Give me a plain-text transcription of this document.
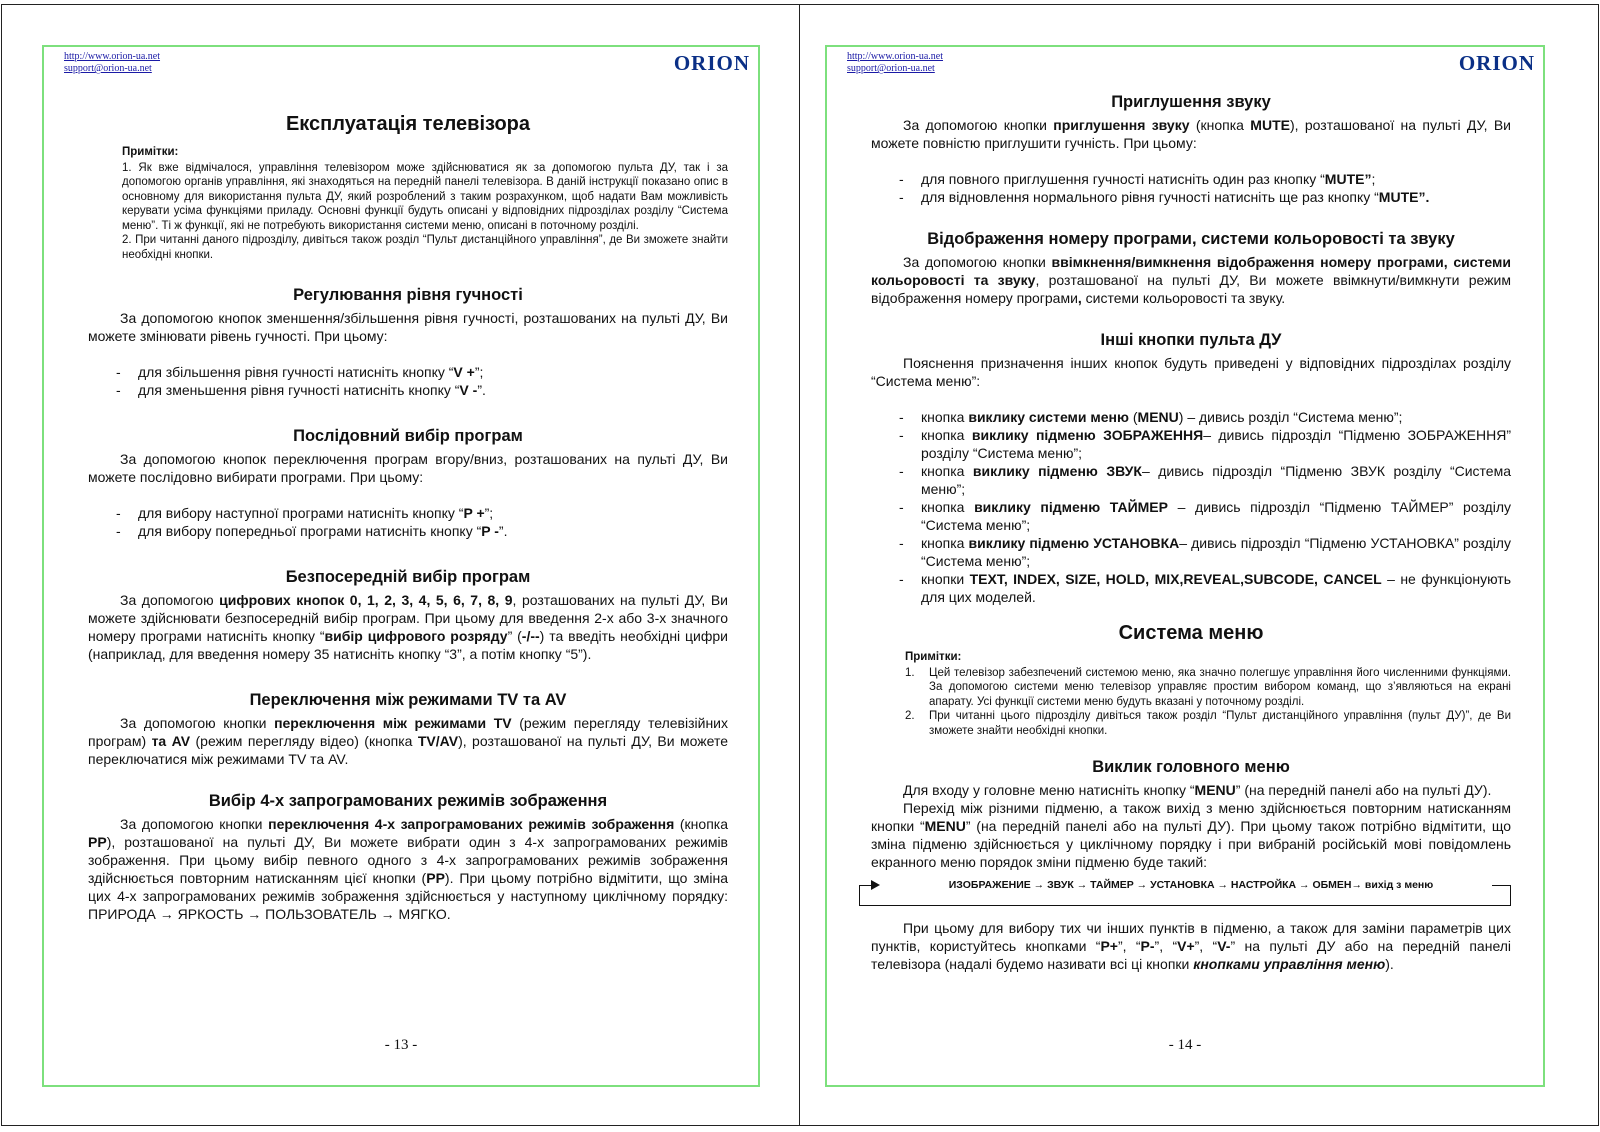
http://www.orion-ua.net
support@orion-ua.net	ORION
Експлуатація телевізора
Примітки:

1. Як вже відмічалося, управління телевізором може здійснюватися як за допомогою пульта ДУ, так і за допомогою органів управління, які знаходяться на передній панелі телевізора. В даній інструкції показано опис в основному для використання пульта ДУ, який розроблений з таким розрахунком, щоб надати Вам можливість керувати усіма функціями приладу. Основні функції будуть описані у відповідних підрозділах розділу “Система меню”. Ті ж функції, які не потребують використання системи меню, описані в поточному розділі.

2. При читанні даного підрозділу, дивіться також розділ “Пульт дистанційного управління”, де Ви зможете знайти необхідні кнопки.

Регулювання рівня гучності

За допомогою кнопок зменшення/збільшення рівня гучності, розташованих на пульті ДУ, Ви можете змінювати рівень гучності. При цьому:

- для збільшення рівня гучності натисніть кнопку “V +”;
- для зменьшення рівня гучності натисніть кнопку “V -”.
Послідовний вибір програм

За допомогою кнопок переключення програм вгору/вниз, розташованих на пульті ДУ, Ви можете послідовно вибирати програми. При цьому:

- для вибору наступної програми натисніть кнопку “P +”;
- для вибору попередньої програми натисніть кнопку “P -”.
Безпосередній вибір програм

За допомогою цифрових кнопок 0, 1, 2, 3, 4, 5, 6, 7, 8, 9, розташованих на пульті ДУ, Ви можете здійснювати безпосередній вибір програм. При цьому для введення 2-х або 3-х значного номеру програми натисніть кнопку “вибір цифрового розряду” (-/--) та введіть необхідні цифри (наприклад, для введення номеру 35 натисніть кнопку “3”, а потім кнопку “5”).

Переключення між режимами TV та AV

За допомогою кнопки переключення між режимами TV (режим перегляду телевізійних програм) та AV (режим перегляду відео) (кнопка TV/AV), розташованої на пульті ДУ, Ви можете переключатися між режимами TV та AV.

Вибір 4-х запрограмованих режимів зображення

За допомогою кнопки переключення 4-х запрограмованих режимів зображення (кнопка PP), розташованої на пульті ДУ, Ви можете вибрати один з 4-х запрограмованих режимів зображення. При цьому вибір певного одного з 4-х запрограмованих режимів зображення здійснюється повторним натисканням цієї кнопки (PP). При цьому потрібно відмітити, що зміна цих 4-х запрограмованих режимів зображення здійснюється у наступному циклічному порядку: ПРИРОДА → ЯРКОСТЬ → ПОЛЬЗОВАТЕЛЬ → МЯГКО.

- 13 -
http://www.orion-ua.net
support@orion-ua.net	ORION
Приглушення звуку

За допомогою кнопки приглушення звуку (кнопка MUTE), розташованої на пульті ДУ, Ви можете повністю приглушити гучність. При цьому:

- для повного приглушення гучності натисніть один раз кнопку “MUTE”;
- для відновлення нормального рівня гучності натисніть ще раз кнопку “MUTE”.
Відображення номеру програми, системи кольоровості та звуку

За допомогою кнопки ввімкнення/вимкнення відображення номеру програми, системи кольоровості та звуку, розташованої на пульті ДУ, Ви можете ввімкнути/вимкнути режим відображення номеру програми, системи кольоровості та звуку.

Інші кнопки пульта ДУ

Пояснення призначення інших кнопок будуть приведені у відповідних підрозділах розділу “Система меню”:

- кнопка виклику системи меню (MENU) – дивись розділ “Система меню”;
- кнопка виклику підменю ЗОБРАЖЕННЯ– дивись підрозділ “Підменю ЗОБРАЖЕННЯ” розділу “Система меню”;
- кнопка виклику підменю ЗВУК– дивись підрозділ “Підменю ЗВУК розділу “Система меню”;
- кнопка виклику підменю ТАЙМЕР – дивись підрозділ “Підменю ТАЙМЕР” розділу “Система меню”;
- кнопка виклику підменю УСТАНОВКА– дивись підрозділ “Підменю УСТАНОВКА” розділу “Система меню”;
- кнопки TEXT, INDEX, SIZE, HOLD, MIX,REVEAL,SUBCODE, CANCEL – не функціонують для цих моделей.
Система меню
Примітки:
1. Цей телевізор забезпечений системою меню, яка значно полегшує управління його численними функціями. За допомогою системи меню телевізор управляє простим вибором команд, що з’являються на екрані апарату. Усі функції системи меню будуть вказані у поточному розділі.
2. При читанні цього підрозділу дивіться також розділ “Пульт дистанційного управління (пульт ДУ)”, де Ви зможете знайти необхідні кнопки.
Виклик головного меню

Для входу у головне меню натисніть кнопку “MENU” (на передній панелі або на пульті ДУ).

Перехід між різними підменю, а також вихід з меню здійснюється повторним натисканням кнопки “MENU” (на передній панелі або на пульті ДУ). При цьому також потрібно відмітити, що зміна підменю здійснюється у циклічному порядку і при вибраній російській мові повідомлень екранного меню порядок зміни підменю буде такий:

ИЗОБРАЖЕНИЕ → ЗВУК → ТАЙМЕР → УСТАНОВКА → НАСТРОЙКА → ОБМЕН→ вихід з меню

При цьому для вибору тих чи інших пунктів в підменю, а також для заміни параметрів цих пунктів, користуйтесь кнопками “P+”, “P-”, “V+”, “V-” на пульті ДУ або на передній панелі телевізора (надалі будемо називати всі ці кнопки кнопками управління меню).

- 14 -
